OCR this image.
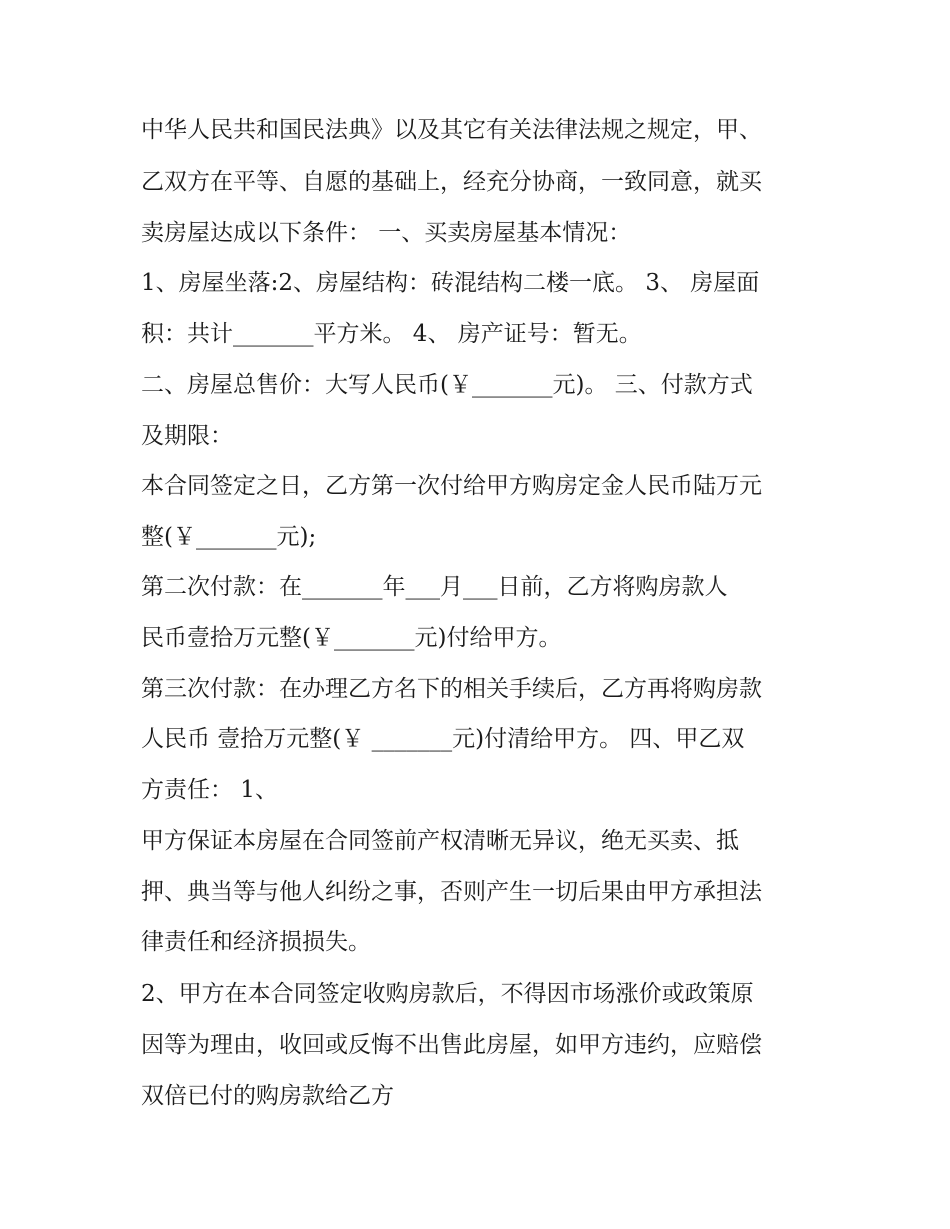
中华人民共和国民法典》以及其它有关法律法规之规定，甲、
乙双方在平等、自愿的基础上，经充分协商，一致同意，就买
卖房屋达成以下条件： 一、买卖房屋基本情况：
1、房屋坐落:2、房屋结构：砖混结构二楼一底。 3、 房屋面
积：共计_______平方米。 4、 房产证号：暂无。
二、房屋总售价：大写人民币(￥_______元)。 三、付款方式
及期限：
本合同签定之日，乙方第一次付给甲方购房定金人民币陆万元
整(￥_______元);
第二次付款：在_______年___月___日前，乙方将购房款人
民币壹拾万元整(￥_______元)付给甲方。
第三次付款：在办理乙方名下的相关手续后，乙方再将购房款
人民币 壹拾万元整(￥ _______元)付清给甲方。 四、甲乙双
方责任： 1、
甲方保证本房屋在合同签前产权清晰无异议，绝无买卖、抵
押、典当等与他人纠纷之事，否则产生一切后果由甲方承担法
律责任和经济损损失。
2、甲方在本合同签定收购房款后，不得因市场涨价或政策原
因等为理由，收回或反悔不出售此房屋，如甲方违约，应赔偿
双倍已付的购房款给乙方
